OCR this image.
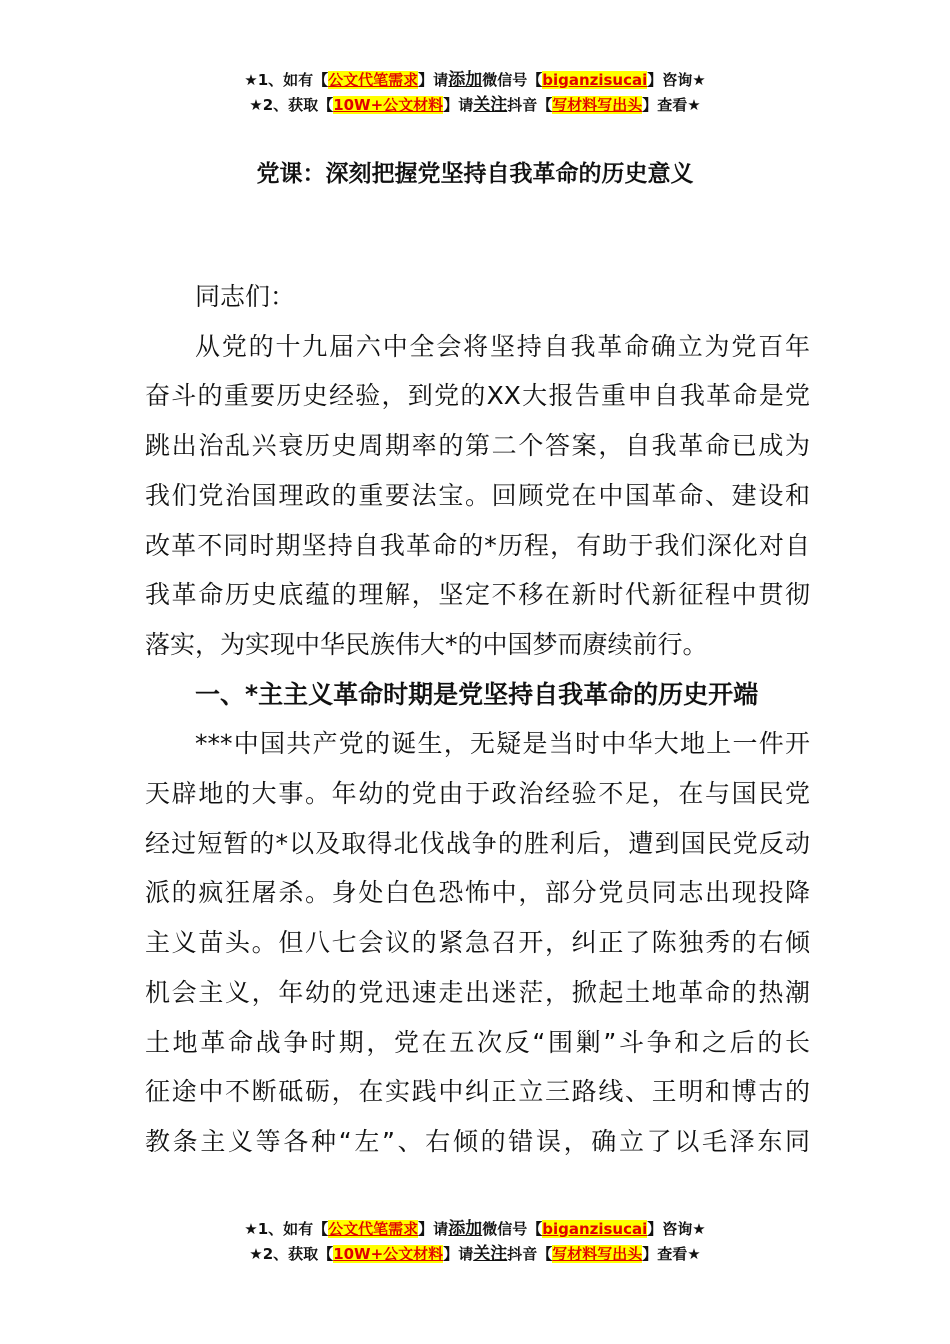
★1、如有【公文代笔需求】请添加微信号【biganzisucai】咨询★
★2、获取【10W+公文材料】请关注抖音【写材料写出头】查看★
党课：深刻把握党坚持自我革命的历史意义
同志们：
从党的十九届六中全会将坚持自我革命确立为党百年
奋斗的重要历史经验，到党的XX大报告重申自我革命是党
跳出治乱兴衰历史周期率的第二个答案，自我革命已成为
我们党治国理政的重要法宝。回顾党在中国革命、建设和
改革不同时期坚持自我革命的*历程，有助于我们深化对自
我革命历史底蕴的理解，坚定不移在新时代新征程中贯彻
落实，为实现中华民族伟大*的中国梦而赓续前行。
一、*主主义革命时期是党坚持自我革命的历史开端
***中国共产党的诞生，无疑是当时中华大地上一件开
天辟地的大事。年幼的党由于政治经验不足，在与国民党
经过短暂的*以及取得北伐战争的胜利后，遭到国民党反动
派的疯狂屠杀。身处白色恐怖中，部分党员同志出现投降
主义苗头。但八七会议的紧急召开，纠正了陈独秀的右倾
机会主义，年幼的党迅速走出迷茫，掀起土地革命的热潮
土地革命战争时期，党在五次反“围剿”斗争和之后的长
征途中不断砥砺，在实践中纠正立三路线、王明和博古的
教条主义等各种“左”、右倾的错误，确立了以毛泽东同
★1、如有【公文代笔需求】请添加微信号【biganzisucai】咨询★
★2、获取【10W+公文材料】请关注抖音【写材料写出头】查看★
